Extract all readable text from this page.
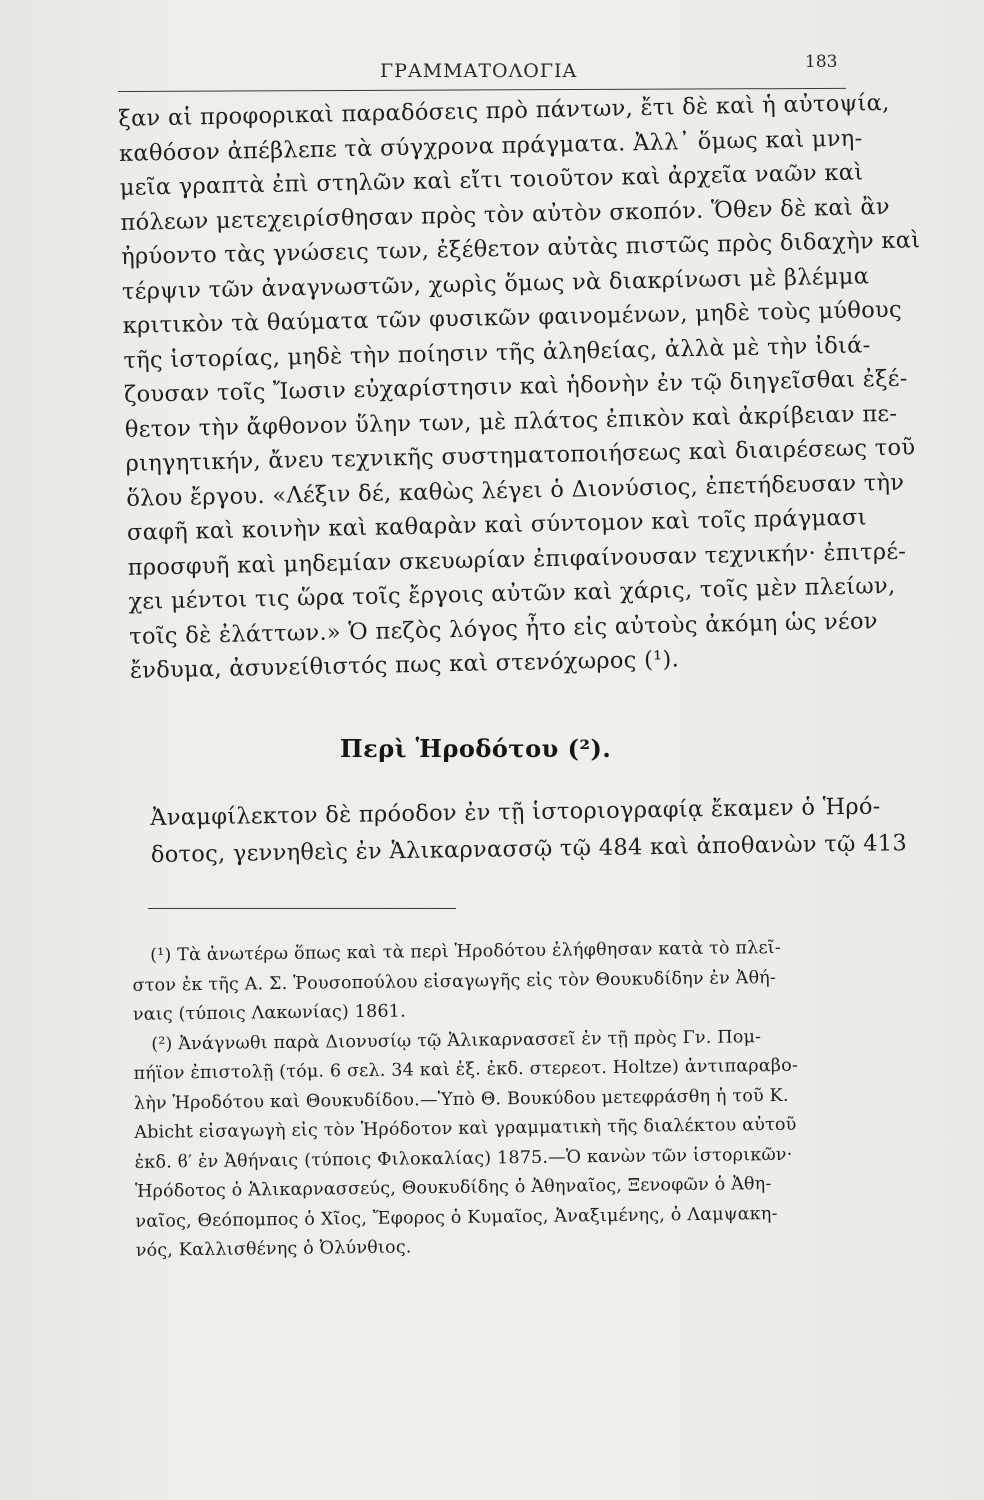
ΓΡΑΜΜΑΤΟΛΟΓΙΑ	183
ξαν αἱ προφορικαὶ παραδόσεις πρὸ πάντων, ἔτι δὲ καὶ ἡ αὐτοψία,
καθόσον ἀπέβλεπε τὰ σύγχρονα πράγματα. Ἀλλ᾽ ὅμως καὶ μνη-
μεῖα γραπτὰ ἐπὶ στηλῶν καὶ εἴτι τοιοῦτον καὶ ἀρχεῖα ναῶν καὶ
πόλεων μετεχειρίσθησαν πρὸς τὸν αὐτὸν σκοπόν. Ὅθεν δὲ καὶ ἂν
ἠρύοντο τὰς γνώσεις των, ἐξέθετον αὐτὰς πιστῶς πρὸς διδαχὴν καὶ
τέρψιν τῶν ἀναγνωστῶν, χωρὶς ὅμως νὰ διακρίνωσι μὲ βλέμμα
κριτικὸν τὰ θαύματα τῶν φυσικῶν φαινομένων, μηδὲ τοὺς μύθους
τῆς ἱστορίας, μηδὲ τὴν ποίησιν τῆς ἀληθείας, ἀλλὰ μὲ τὴν ἰδιά-
ζουσαν τοῖς Ἴωσιν εὐχαρίστησιν καὶ ἡδονὴν ἐν τῷ διηγεῖσθαι ἐξέ-
θετον τὴν ἄφθονον ὕλην των, μὲ πλάτος ἐπικὸν καὶ ἀκρίβειαν πε-
ριηγητικήν, ἄνευ τεχνικῆς συστηματοποιήσεως καὶ διαιρέσεως τοῦ
ὅλου ἔργου. «Λέξιν δέ, καθὼς λέγει ὁ Διονύσιος, ἐπετήδευσαν τὴν
σαφῆ καὶ κοινὴν καὶ καθαρὰν καὶ σύντομον καὶ τοῖς πράγμασι
προσφυῆ καὶ μηδεμίαν σκευωρίαν ἐπιφαίνουσαν τεχνικήν· ἐπιτρέ-
χει μέντοι τις ὥρα τοῖς ἔργοις αὐτῶν καὶ χάρις, τοῖς μὲν πλείων,
τοῖς δὲ ἐλάττων.» Ὁ πεζὸς λόγος ἦτο εἰς αὐτοὺς ἀκόμη ὡς νέον
ἔνδυμα, ἀσυνείθιστός πως καὶ στενόχωρος (¹).
Περὶ Ἡροδότου (²).
Ἀναμφίλεκτον δὲ πρόοδον ἐν τῇ ἱστοριογραφίᾳ ἔκαμεν ὁ Ἡρό-
δοτος, γεννηθεὶς ἐν Ἁλικαρνασσῷ τῷ 484 καὶ ἀποθανὼν τῷ 413
(¹) Τὰ ἀνωτέρω ὅπως καὶ τὰ περὶ Ἡροδότου ἐλήφθησαν κατὰ τὸ πλεῖ-
στον ἐκ τῆς Α. Σ. Ῥουσοπούλου εἰσαγωγῆς εἰς τὸν Θουκυδίδην ἐν Ἀθή-
ναις (τύποις Λακωνίας) 1861.
(²) Ἀνάγνωθι παρὰ Διονυσίῳ τῷ Ἁλικαρνασσεῖ ἐν τῇ πρὸς Γν. Πομ-
πήϊον ἐπιστολῇ (τόμ. 6 σελ. 34 καὶ ἑξ. ἐκδ. στερεοτ. Holtze) ἀντιπαραβο-
λὴν Ἡροδότου καὶ Θουκυδίδου.—Ὑπὸ Θ. Βουκύδου μετεφράσθη ἡ τοῦ Κ.
Abicht εἰσαγωγὴ εἰς τὸν Ἡρόδοτον καὶ γραμματικὴ τῆς διαλέκτου αὐτοῦ
ἐκδ. ϐ′ ἐν Ἀθήναις (τύποις Φιλοκαλίας) 1875.—Ὁ κανὼν τῶν ἱστορικῶν·
Ἡρόδοτος ὁ Ἁλικαρνασσεύς, Θουκυδίδης ὁ Ἀθηναῖος, Ξενοφῶν ὁ Ἀθη-
ναῖος, Θεόπομπος ὁ Χῖος, Ἔφορος ὁ Κυμαῖος, Ἀναξιμένης, ὁ Λαμψακη-
νός, Καλλισθένης ὁ Ὀλύνθιος.
